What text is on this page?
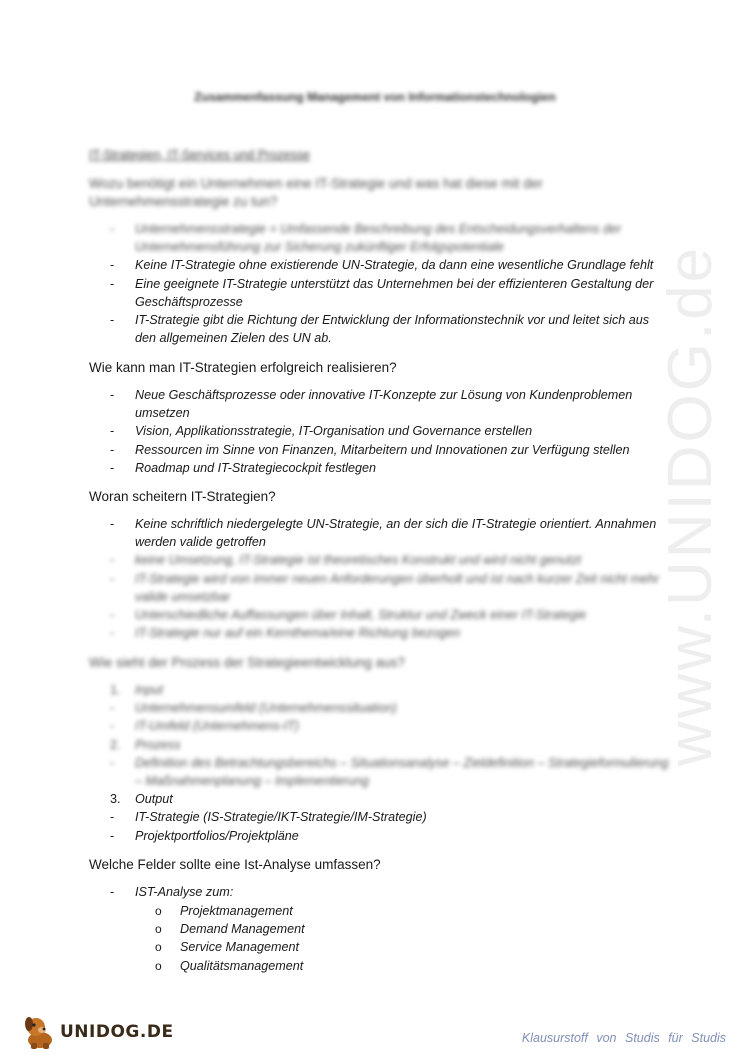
www.UNIDOG.de
Zusammenfassung Management von Informationstechnologien
IT-Strategien, IT-Services und Prozesse
Wozu benötigt ein Unternehmen eine IT-Strategie und was hat diese mit der Unternehmensstrategie zu tun?
- Unternehmensstrategie = Umfassende Beschreibung des Entscheidungsverhaltens der Unternehmensführung zur Sicherung zukünftiger Erfolgspotentiale
- Keine IT-Strategie ohne existierende UN-Strategie, da dann eine wesentliche Grundlage fehlt
- Eine geeignete IT-Strategie unterstützt das Unternehmen bei der effizienteren Gestaltung der Geschäftsprozesse
- IT-Strategie gibt die Richtung der Entwicklung der Informationstechnik vor und leitet sich aus den allgemeinen Zielen des UN ab.
Wie kann man IT-Strategien erfolgreich realisieren?
- Neue Geschäftsprozesse oder innovative IT-Konzepte zur Lösung von Kundenproblemen umsetzen
- Vision, Applikationsstrategie, IT-Organisation und Governance erstellen
- Ressourcen im Sinne von Finanzen, Mitarbeitern und Innovationen zur Verfügung stellen
- Roadmap und IT-Strategiecockpit festlegen
Woran scheitern IT-Strategien?
- Keine schriftlich niedergelegte UN-Strategie, an der sich die IT-Strategie orientiert. Annahmen werden valide getroffen
- keine Umsetzung, IT-Strategie ist theoretisches Konstrukt und wird nicht genutzt
- IT-Strategie wird von immer neuen Anforderungen überholt und ist nach kurzer Zeit nicht mehr valide umsetzbar
- Unterschiedliche Auffassungen über Inhalt, Struktur und Zweck einer IT-Strategie
- IT-Strategie nur auf ein Kernthema/eine Richtung bezogen
Wie sieht der Prozess der Strategieentwicklung aus?
1. Input
- Unternehmensumfeld (Unternehmenssituation)
- IT-Umfeld (Unternehmens-IT)
2. Prozess
- Definition des Betrachtungsbereichs – Situationsanalyse – Zieldefinition – Strategieformulierung – Maßnahmenplanung – Implementierung
3. Output
- IT-Strategie (IS-Strategie/IKT-Strategie/IM-Strategie)
- Projektportfolios/Projektpläne
Welche Felder sollte eine Ist-Analyse umfassen?
- IST-Analyse zum:
o Projektmanagement
o Demand Management
o Service Management
o Qualitätsmanagement
UNIDOG.DE	Klausurstoff von Studis für Studis
